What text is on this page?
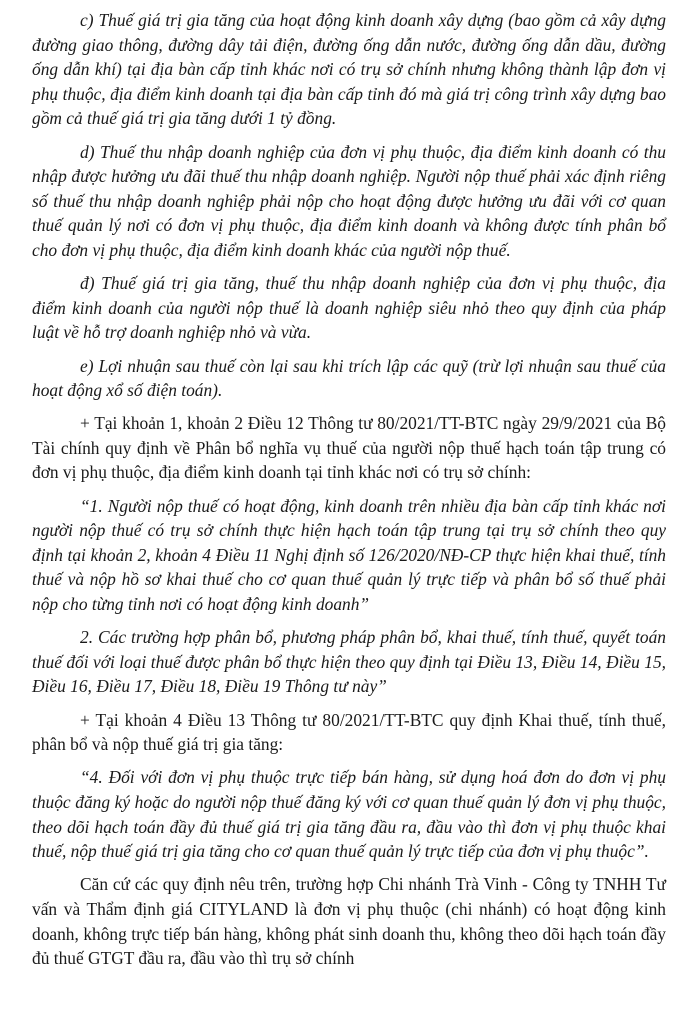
c) Thuế giá trị gia tăng của hoạt động kinh doanh xây dựng (bao gồm cả xây dựng đường giao thông, đường dây tải điện, đường ống dẫn nước, đường ống dẫn dầu, đường ống dẫn khí) tại địa bàn cấp tỉnh khác nơi có trụ sở chính nhưng không thành lập đơn vị phụ thuộc, địa điểm kinh doanh tại địa bàn cấp tỉnh đó mà giá trị công trình xây dựng bao gồm cả thuế giá trị gia tăng dưới 1 tỷ đồng.

d) Thuế thu nhập doanh nghiệp của đơn vị phụ thuộc, địa điểm kinh doanh có thu nhập được hưởng ưu đãi thuế thu nhập doanh nghiệp. Người nộp thuế phải xác định riêng số thuế thu nhập doanh nghiệp phải nộp cho hoạt động được hưởng ưu đãi với cơ quan thuế quản lý nơi có đơn vị phụ thuộc, địa điểm kinh doanh và không được tính phân bổ cho đơn vị phụ thuộc, địa điểm kinh doanh khác của người nộp thuế.

đ) Thuế giá trị gia tăng, thuế thu nhập doanh nghiệp của đơn vị phụ thuộc, địa điểm kinh doanh của người nộp thuế là doanh nghiệp siêu nhỏ theo quy định của pháp luật về hỗ trợ doanh nghiệp nhỏ và vừa.

e) Lợi nhuận sau thuế còn lại sau khi trích lập các quỹ (trừ lợi nhuận sau thuế của hoạt động xổ số điện toán).

+ Tại khoản 1, khoản 2 Điều 12 Thông tư 80/2021/TT-BTC ngày 29/9/2021 của Bộ Tài chính quy định về Phân bổ nghĩa vụ thuế của người nộp thuế hạch toán tập trung có đơn vị phụ thuộc, địa điểm kinh doanh tại tỉnh khác nơi có trụ sở chính:

“1. Người nộp thuế có hoạt động, kinh doanh trên nhiều địa bàn cấp tỉnh khác nơi người nộp thuế có trụ sở chính thực hiện hạch toán tập trung tại trụ sở chính theo quy định tại khoản 2, khoản 4 Điều 11 Nghị định số 126/2020/NĐ-CP thực hiện khai thuế, tính thuế và nộp hồ sơ khai thuế cho cơ quan thuế quản lý trực tiếp và phân bổ số thuế phải nộp cho từng tỉnh nơi có hoạt động kinh doanh”

2. Các trường hợp phân bổ, phương pháp phân bổ, khai thuế, tính thuế, quyết toán thuế đối với loại thuế được phân bổ thực hiện theo quy định tại Điều 13, Điều 14, Điều 15, Điều 16, Điều 17, Điều 18, Điều 19 Thông tư này”

+ Tại khoản 4 Điều 13 Thông tư 80/2021/TT-BTC quy định Khai thuế, tính thuế, phân bổ và nộp thuế giá trị gia tăng:

“4. Đối với đơn vị phụ thuộc trực tiếp bán hàng, sử dụng hoá đơn do đơn vị phụ thuộc đăng ký hoặc do người nộp thuế đăng ký với cơ quan thuế quản lý đơn vị phụ thuộc, theo dõi hạch toán đầy đủ thuế giá trị gia tăng đầu ra, đầu vào thì đơn vị phụ thuộc khai thuế, nộp thuế giá trị gia tăng cho cơ quan thuế quản lý trực tiếp của đơn vị phụ thuộc”.

Căn cứ các quy định nêu trên, trường hợp Chi nhánh Trà Vinh - Công ty TNHH Tư vấn và Thẩm định giá CITYLAND là đơn vị phụ thuộc (chi nhánh) có hoạt động kinh doanh, không trực tiếp bán hàng, không phát sinh doanh thu, không theo dõi hạch toán đầy đủ thuế GTGT đầu ra, đầu vào thì trụ sở chính
